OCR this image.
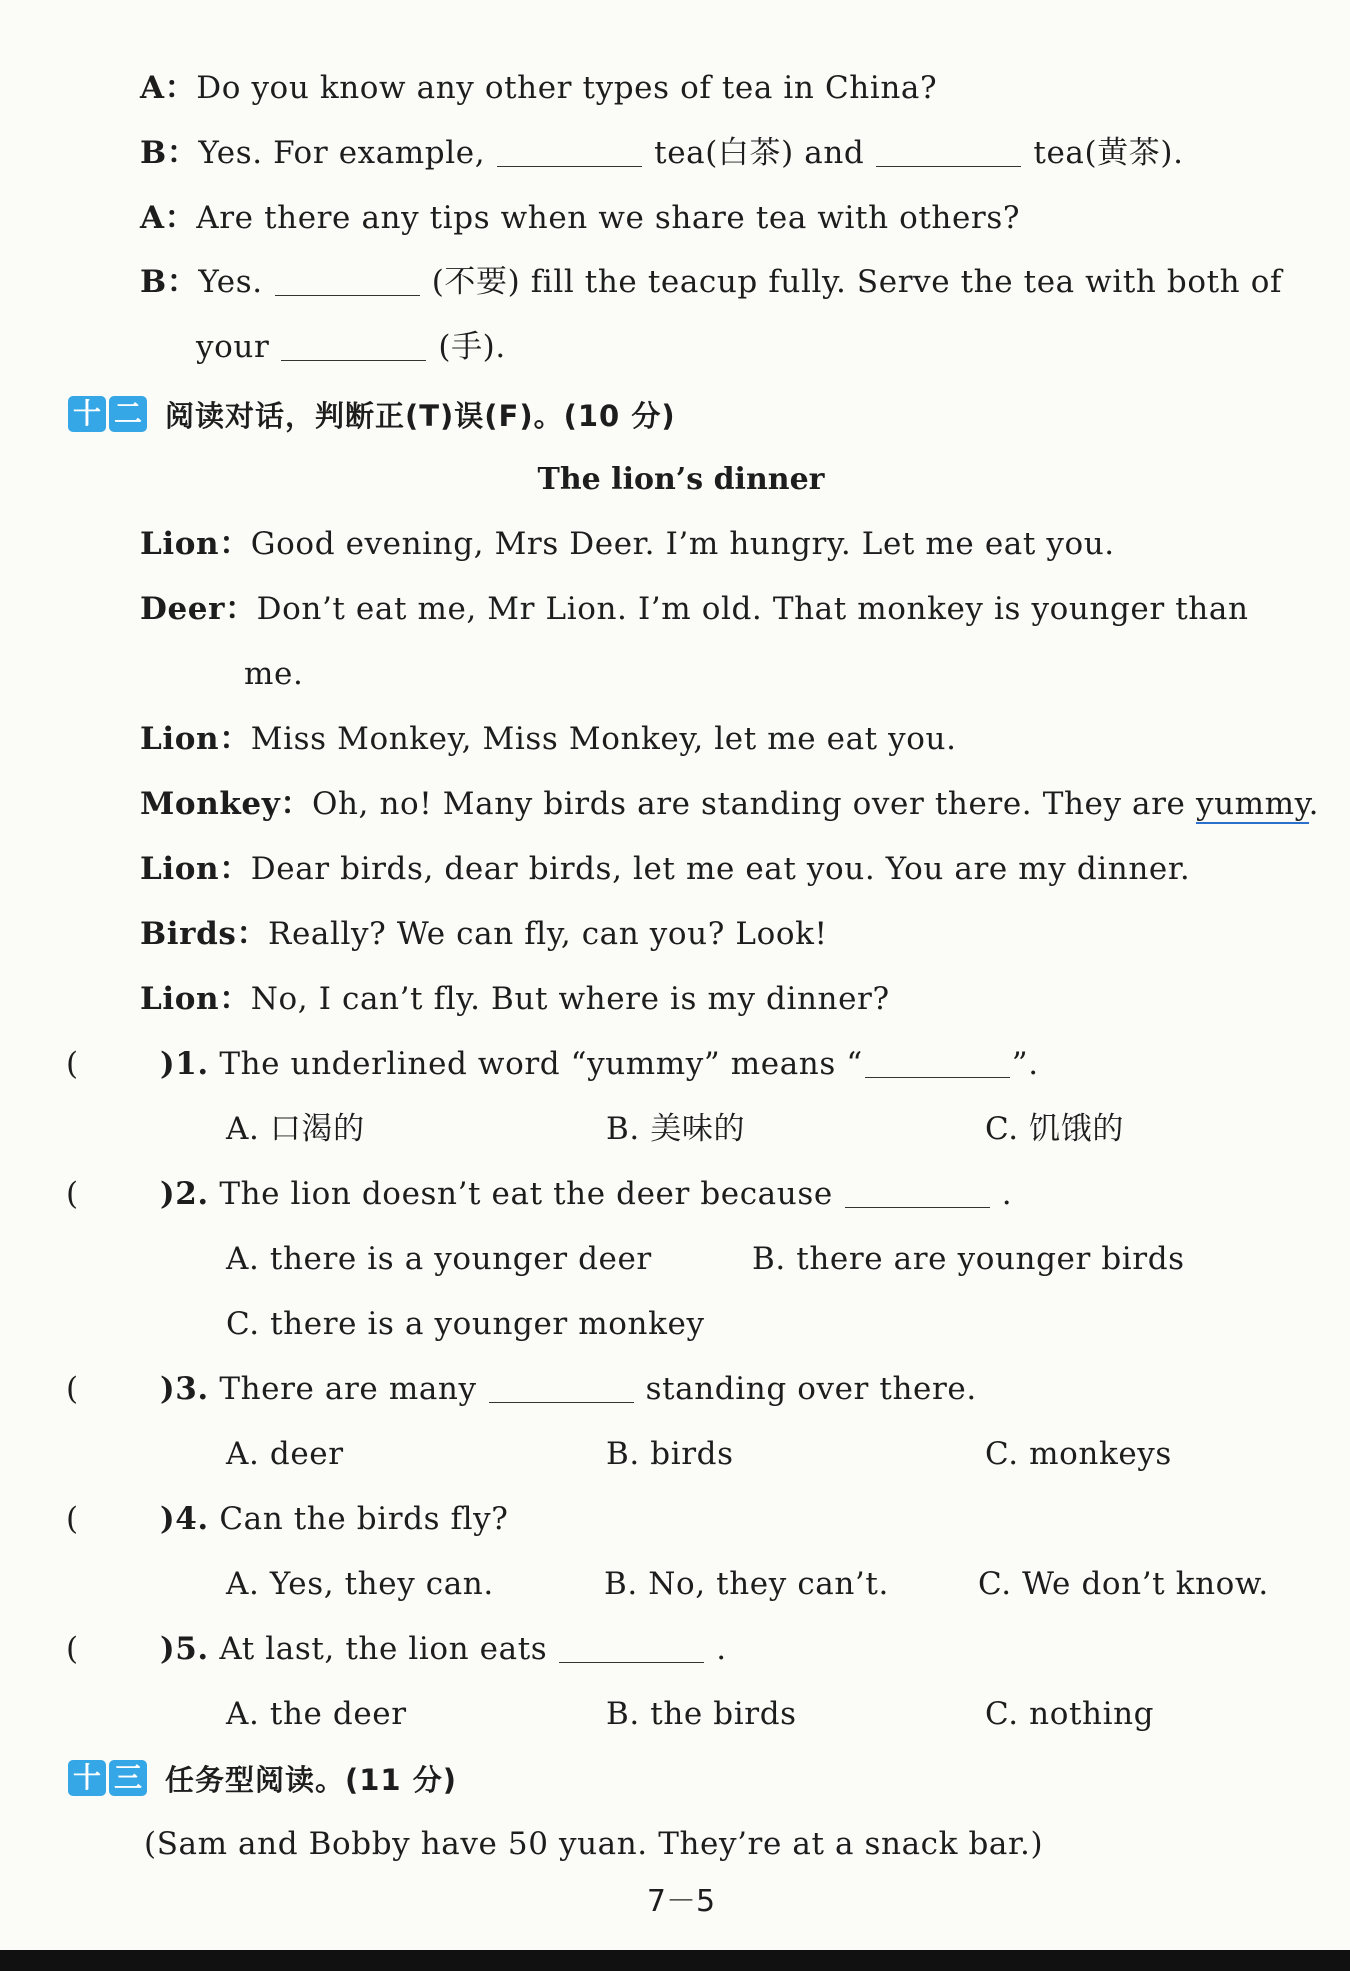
A：Do you know any other types of tea in China?
B：Yes. For example,	tea(白茶) and	tea(黄茶).
A：Are there any tips when we share tea with others?
B：Yes.	(不要) fill the teacup fully. Serve the tea with both of
your	(手).
十 二 阅读对话，判断正(T)误(F)。(10 分)
The lion’s dinner
Lion：Good evening, Mrs Deer. I’m hungry. Let me eat you.
Deer：Don’t eat me, Mr Lion. I’m old. That monkey is younger than
me.
Lion：Miss Monkey, Miss Monkey, let me eat you.
Monkey：Oh, no! Many birds are standing over there. They are yummy.
Lion：Dear birds, dear birds, let me eat you. You are my dinner.
Birds：Really? We can fly, can you? Look!
Lion：No, I can’t fly. But where is my dinner?
(	)1. The underlined word “yummy” means “	”.
A. 口渴的	B. 美味的	C. 饥饿的
(	)2. The lion doesn’t eat the deer because	.
A. there is a younger deer	B. there are younger birds
C. there is a younger monkey
(	)3. There are many	standing over there.
A. deer	B. birds	C. monkeys
(	)4. Can the birds fly?
A. Yes, they can.	B. No, they can’t.	C. We don’t know.
(	)5. At last, the lion eats	.
A. the deer	B. the birds	C. nothing
十 三 任务型阅读。(11 分)
(Sam and Bobby have 50 yuan. They’re at a snack bar.)
7－5
